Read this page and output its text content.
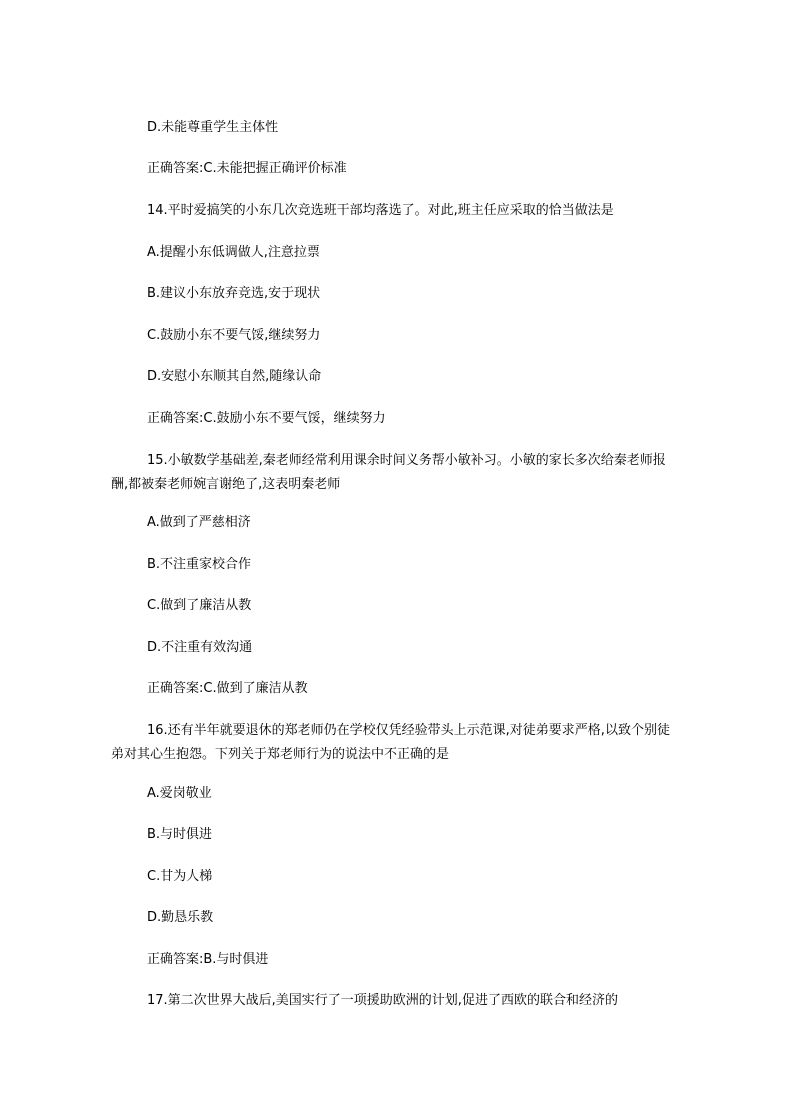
D.未能尊重学生主体性
正确答案:C.未能把握正确评价标准
14.平时爱搞笑的小东几次竞选班干部均落选了。对此,班主任应采取的恰当做法是
A.提醒小东低调做人,注意拉票
B.建议小东放弃竞选,安于现状
C.鼓励小东不要气馁,继续努力
D.安慰小东顺其自然,随缘认命
正确答案:C.鼓励小东不要气馁，继续努力
15.小敏数学基础差,秦老师经常利用课余时间义务帮小敏补习。小敏的家长多次给秦老师报酬,都被秦老师婉言谢绝了,这表明秦老师
A.做到了严慈相济
B.不注重家校合作
C.做到了廉洁从教
D.不注重有效沟通
正确答案:C.做到了廉洁从教
16.还有半年就要退休的郑老师仍在学校仅凭经验带头上示范课,对徒弟要求严格,以致个别徒弟对其心生抱怨。下列关于郑老师行为的说法中不正确的是
A.爱岗敬业
B.与时俱进
C.甘为人梯
D.勤恳乐教
正确答案:B.与时俱进
17.第二次世界大战后,美国实行了一项援助欧洲的计划,促进了西欧的联合和经济的
